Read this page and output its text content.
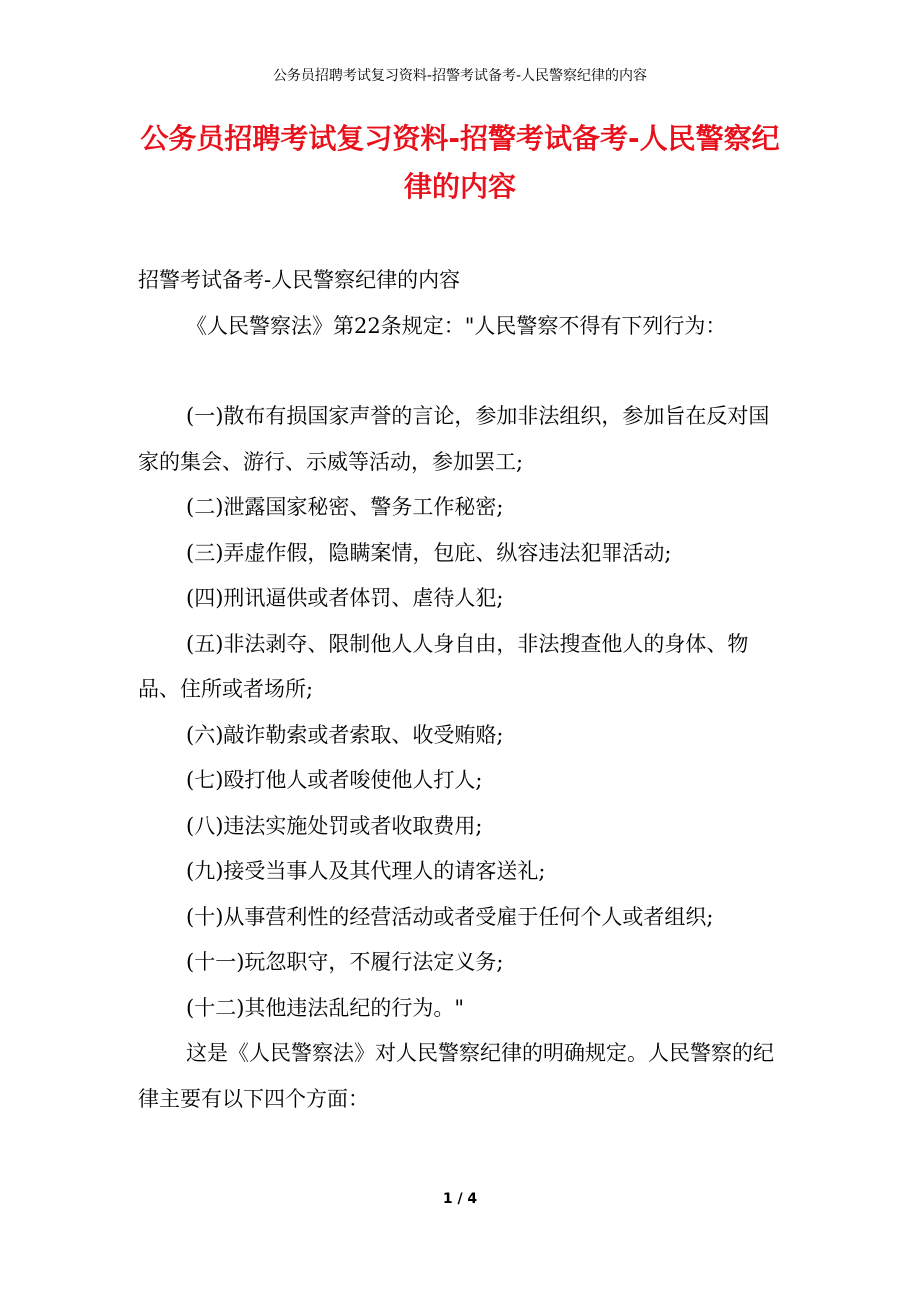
公务员招聘考试复习资料-招警考试备考-人民警察纪律的内容
公务员招聘考试复习资料-招警考试备考-人民警察纪律的内容

招警考试备考-人民警察纪律的内容

《人民警察法》第22条规定："人民警察不得有下列行为：

(一)散布有损国家声誉的言论，参加非法组织，参加旨在反对国家的集会、游行、示威等活动，参加罢工;

(二)泄露国家秘密、警务工作秘密;

(三)弄虚作假，隐瞒案情，包庇、纵容违法犯罪活动;

(四)刑讯逼供或者体罚、虐待人犯;

(五)非法剥夺、限制他人人身自由，非法搜查他人的身体、物品、住所或者场所;

(六)敲诈勒索或者索取、收受贿赂;

(七)殴打他人或者唆使他人打人;

(八)违法实施处罚或者收取费用;

(九)接受当事人及其代理人的请客送礼;

(十)从事营利性的经营活动或者受雇于任何个人或者组织;

(十一)玩忽职守，不履行法定义务;

(十二)其他违法乱纪的行为。"

这是《人民警察法》对人民警察纪律的明确规定。人民警察的纪律主要有以下四个方面：

1 / 4
